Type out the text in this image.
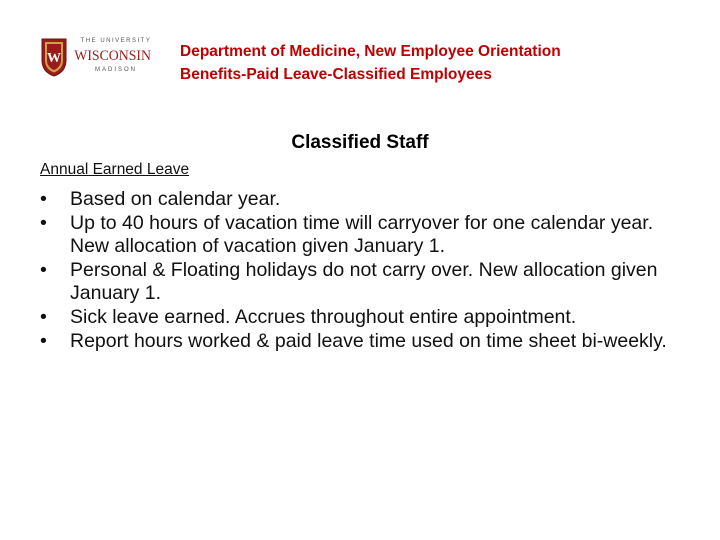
W
THE UNIVERSITY
WISCONSIN
MADISON
Department of Medicine, New Employee Orientation
Benefits-Paid Leave-Classified Employees
Classified Staff
Annual Earned Leave
• Based on calendar year.
• Up to 40 hours of vacation time will carryover for one calendar year. New allocation of vacation given January 1.
• Personal & Floating holidays do not carry over. New allocation given January 1.
• Sick leave earned. Accrues throughout entire appointment.
• Report hours worked & paid leave time used on time sheet bi-weekly.
